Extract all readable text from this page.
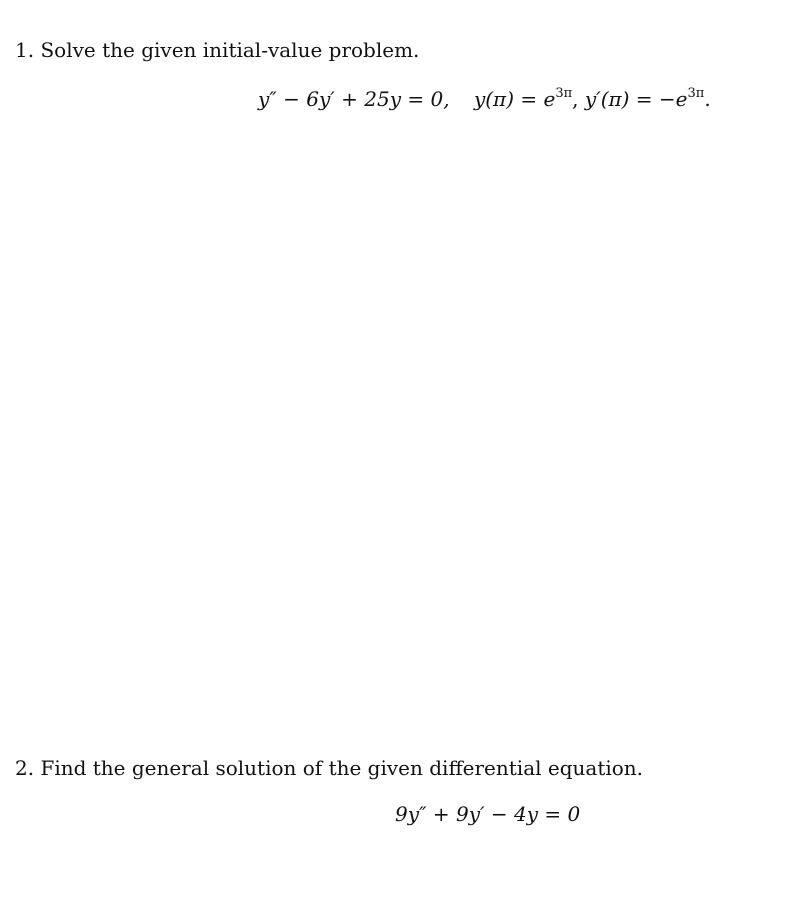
1. Solve the given initial-value problem.
y″ − 6y′ + 25y = 0, $y(\pi) = e^{3\pi}$, $y'(\pi) = -e^{3\pi}$.
2. Find the general solution of the given differential equation.
9y″ + 9y′ − 4y = 0
